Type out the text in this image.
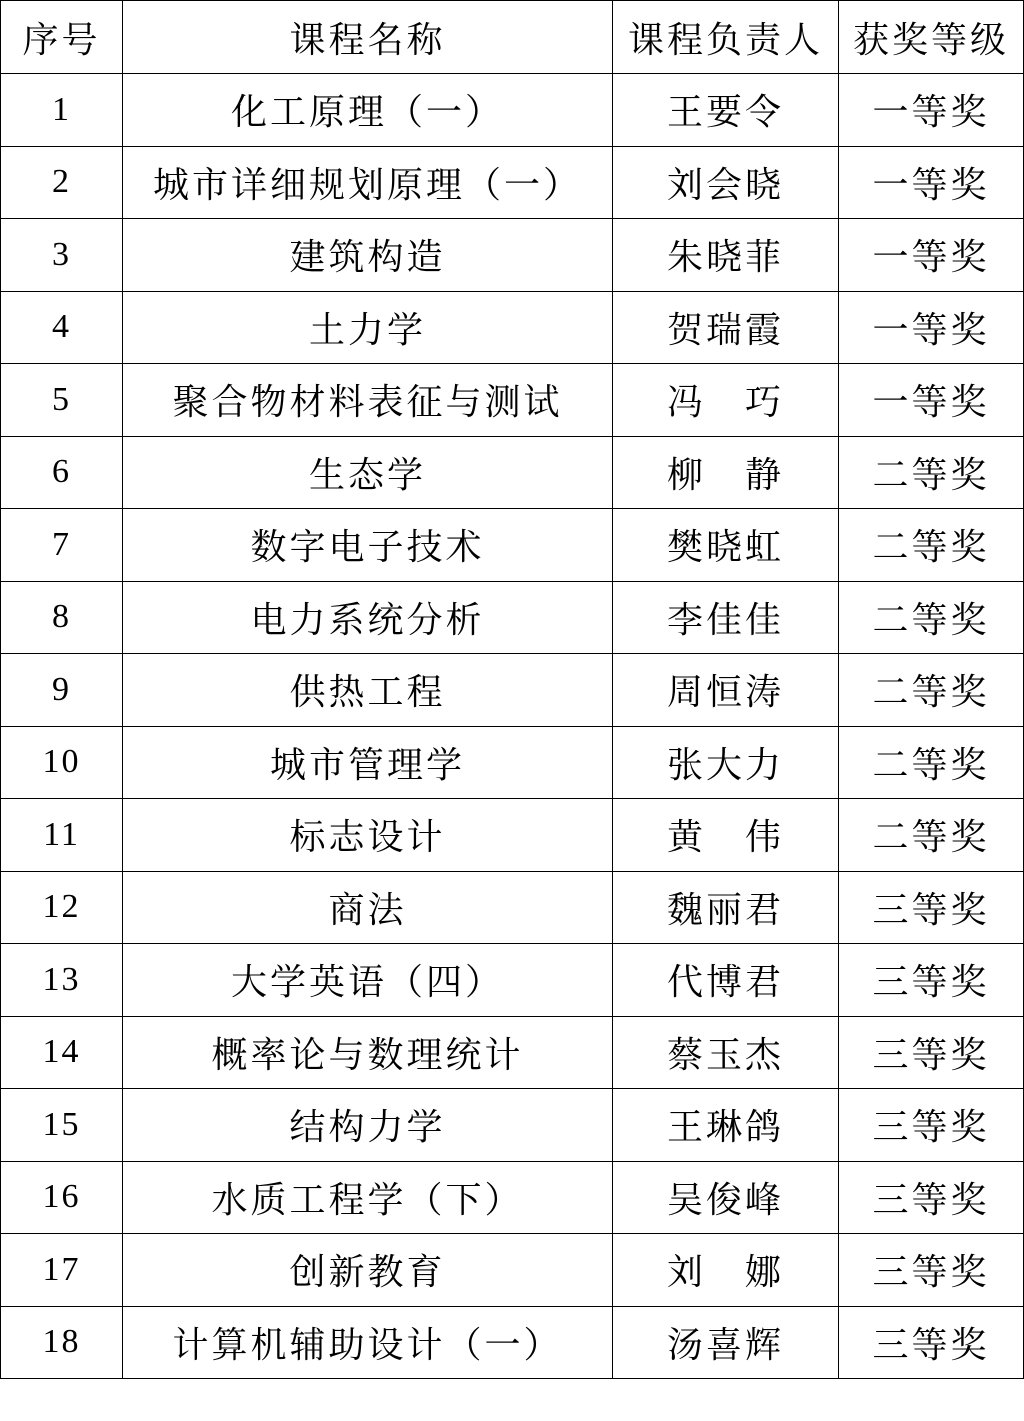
序号	课程名称	课程负责人	获奖等级
1	化工原理（一）	王要令	一等奖
2	城市详细规划原理（一）	刘会晓	一等奖
3	建筑构造	朱晓菲	一等奖
4	土力学	贺瑞霞	一等奖
5	聚合物材料表征与测试	冯　巧	一等奖
6	生态学	柳　静	二等奖
7	数字电子技术	樊晓虹	二等奖
8	电力系统分析	李佳佳	二等奖
9	供热工程	周恒涛	二等奖
10	城市管理学	张大力	二等奖
11	标志设计	黄　伟	二等奖
12	商法	魏丽君	三等奖
13	大学英语（四）	代博君	三等奖
14	概率论与数理统计	蔡玉杰	三等奖
15	结构力学	王琳鸽	三等奖
16	水质工程学（下）	吴俊峰	三等奖
17	创新教育	刘　娜	三等奖
18	计算机辅助设计（一）	汤喜辉	三等奖
